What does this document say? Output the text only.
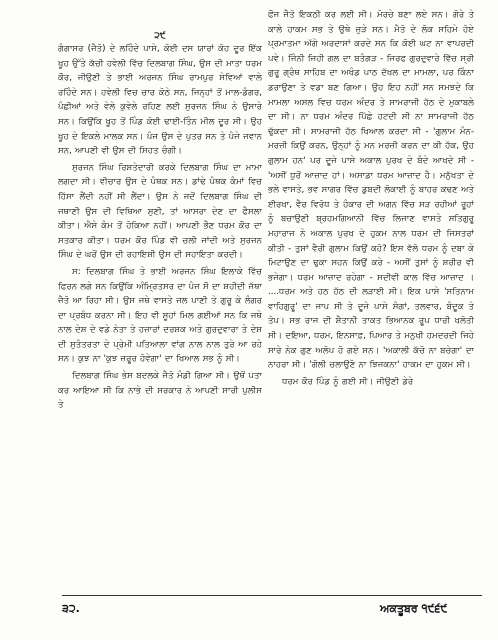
੨੯

ਗੰਗਾਸਰ (ਜੈਤੋ) ਦੇ ਲਹਿੰਦੇ ਪਾਸੇ, ਕੋਈ ਦਸ ਯਾਰਾਂ ਕੋਹ ਦੂਰ ਇੱਕ ਖੂਹ ਉੱਤੇ ਕੱਚੀ ਹਵੇਲੀ ਵਿੱਚ ਦਿਲਬਾਗ ਸਿੰਘ, ਉਸ ਦੀ ਮਾਤਾ ਧਰਮ ਕੌਰ, ਜੀਉਣੀ ਤੇ ਭਾਈ ਅਰਜਨ ਸਿੰਘ ਰਾਮਪੁਰ ਸੇਵਿਆਂ ਵਾਲੇ ਰਹਿੰਦੇ ਸਨ। ਹਵੇਲੀ ਵਿਚ ਚਾਰ ਕੋਠੇ ਸਨ, ਜਿਨ੍ਹਾਂ ਤੋਂ ਮਾਲ-ਡੰਗਰ, ਪੰਛੀਆਂ ਅਤੇ ਵੇਲੇ ਕੁਵੇਲੇ ਰਹਿਣ ਲਈ ਸੁਰਜਨ ਸਿੰਘ ਨੇ ਉਸਾਰੇ ਸਨ। ਕਿਉਂਕਿ ਖੂਹ ਤੋਂ ਪਿੰਡ ਕੋਈ ਢਾਈ-ਤਿੰਨ ਮੀਲ ਦੂਰ ਸੀ। ਉਹ ਖੂਹ ਦੇ ਇਕਲੇ ਮਾਲਕ ਸਨ। ਪੰਜ ਉਸ ਦੇ ਪੁਤਰ ਸਨ ਤੇ ਪੰਜੇ ਜਵਾਨ ਸਨ, ਆਪਣੀ ਵੀ ਉਸ ਦੀ ਸਿਹਤ ਚੰਗੀ।

ਸੁਰਜਨ ਸਿੰਘ ਰਿਸ਼ਤੇਦਾਰੀ ਕਰਕੇ ਦਿਲਬਾਗ ਸਿੰਘ ਦਾ ਮਾਮਾ ਲਗਦਾ ਸੀ। ਵੀਚਾਰ ਉਸ ਦੇ ਪੰਥਕ ਸਨ। ਡਾਂਢੇ ਪੰਥਕ ਕੰਮਾਂ ਵਿਚ ਹਿੱਸਾ ਲੈਂਦੀ ਨਹੀਂ ਸੀ ਲੈਂਦਾ। ਉਸ ਨੇ ਜਦੋਂ ਦਿਲਬਾਗ ਸਿੰਘ ਦੀ ਜਥਾਣੀ ਉਸ ਦੀ ਵਿਥਿਆ ਸੁਣੀ, ਤਾਂ ਆਸਰਾ ਦੇਣ ਦਾ ਫੈਸਲਾ ਕੀਤਾ। ਐਸੇ ਕੰਮ ਤੋਂ ਹੋਕਿਆ ਨਹੀਂ। ਆਪਣੀ ਭੈਣ ਧਰਮ ਕੌਰ ਦਾ ਸਤਕਾਰ ਕੀਤਾ। ਧਰਮ ਕੌਰ ਪਿੰਡ ਵੀ ਚਲੀ ਜਾਂਦੀ ਅਤੇ ਸੁਰਜਨ ਸਿੰਘ ਦੇ ਘਰੋਂ ਉਸ ਦੀ ਰਹਾਇਸ਼ੀ ਉਸ ਦੀ ਸਹਾਇਤਾ ਕਰਦੀ।

ਸ: ਦਿਲਬਾਗ ਸਿੰਘ ਤੇ ਭਾਈ ਅਰਜਨ ਸਿੰਘ ਇਲਾਕੇ ਵਿੱਚ ਫਿਰਨ ਲਗੇ ਸਨ ਕਿਉਂਕਿ ਅੰਮ੍ਰਿਤਸਰ ਦਾ ਪੰਜ ਸੌ ਦਾ ਸ਼ਹੀਦੀ ਜੱਥਾ ਜੈਤੋ ਆ ਰਿਹਾ ਸੀ। ਉਸ ਜਥੇ ਵਾਸਤੇ ਜਲ ਪਾਣੀ ਤੇ ਗੁਰੂ ਕੇ ਲੰਗਰ ਦਾ ਪ੍ਰਬੰਧ ਕਰਨਾ ਸੀ। ਇਹ ਵੀ ਸੂਹਾਂ ਮਿਲ ਗਈਆਂ ਸਨ ਕਿ ਜਥੇ ਨਾਲ ਦੇਸ਼ ਦੇ ਵਡੇ ਨੇਤਾ ਤੇ ਹਜ਼ਾਰਾਂ ਦਰਸ਼ਕ ਅਤੇ ਗੁਰਦੁਵਾਰਾ ਤੇ ਦੇਸ਼ ਦੀ ਸੁਤੰਤਰਤਾ ਦੇ ਪ੍ਰੇਮੀ ਪਤਿਆਲਾ ਵਾਂਗ ਨਾਲ ਨਾਲ ਤੁਰੇ ਆ ਰਹੇ ਸਨ। ਕੁਝ ਨਾ 'ਕੁਝ ਜ਼ਰੂਰ ਹੋਵੇਗਾ' ਦਾ ਖਿਆਲ ਸਭ ਨੂੰ ਸੀ।

ਦਿਲਬਾਗ ਸਿੰਘ ਭੇਸ ਬਦਲਕੇ ਜੈਤੋ ਮੰਡੀ ਗਿਆ ਸੀ। ਉਥੋਂ ਪਤਾ ਕਰ ਆਇਆ ਸੀ ਕਿ ਨਾਭੇ ਦੀ ਸਰਕਾਰ ਨੇ ਆਪਣੀ ਸਾਰੀ ਪੁਲੀਸ ਤੇ

ਫੌਜ ਜੈਤੋ ਇਕਠੀ ਕਰ ਲਈ ਸੀ। ਮੋਰਚੇ ਬਣਾ ਲਏ ਸਨ। ਗੋਰੇ ਤੇ ਕਾਲੇ ਹਾਕਮ ਸਭ ਤੇ ਉਥੇ ਜੁੜੇ ਸਨ। ਮੈਤੋ ਦੇ ਲੋਕ ਸਹਿਮੇ ਹੋਏ ਪ੍ਰਮਾਤਮਾ ਅੱਗੇ ਅਰਦਾਸਾਂ ਕਰਦੇ ਸਨ ਕਿ ਕੋਈ ਘਟ ਨਾ ਵਾਪਰਦੀ ਪਵੇ। ਜਿੰਨੀ ਜਿਹੀ ਗਲ ਦਾ ਬਤੰਗੜ - ਜਿਰਫ ਗੁਰਦੁਵਾਰੇ ਵਿੱਚ ਸ੍ਰੀ ਗੁਰੂ ਗ੍ਰੰਥ ਸਾਹਿਬ ਦਾ ਅਖੰਡ ਪਾਠ ਦੱਖਲ ਦਾ ਮਾਮਲਾ, ਪਰ ਕਿੰਨਾ ਡਰਾਉਣਾ ਤੇ ਵਡਾ ਬਣ ਗਿਆ। ਉਹ ਇਹ ਨਹੀਂ ਸਨ ਸਮਝਦੇ ਕਿ ਮਾਮਲਾ ਅਸਲ ਵਿਚ ਧਰਮ ਅੰਦਰ ਤੇ ਸਾਮਰਾਜੀ ਹੱਠ ਦੇ ਮੁਕਾਬਲੇ ਦਾ ਸੀ। ਨਾ ਧਰਮ ਅੰਦਰ ਪਿੱਛੇ ਹਟਦੀ ਸੀ ਨਾ ਸਾਮਰਾਜੀ ਹੱਠ ਢੁੱਕਦਾ ਸੀ। ਸਾਮਰਾਜੀ ਹੱਠ ਖਿਆਲ ਕਰਦਾ ਸੀ - 'ਗੁਲਾਮ ਮੰਨ-ਮਰਜ਼ੀ ਕਿਉਂ ਕਰਨ, ਉਨ੍ਹਾਂ ਨੂੰ ਮਨ ਮਰਜ਼ੀ ਕਰਨ ਦਾ ਕੀ ਹੱਕ, ਉਹ ਗੁਲਾਮ ਹਨ' ਪਰ ਦੂਜੇ ਪਾਸੇ ਅਕਾਲ ਪੁਰਖ ਦੇ ਬੰਦੇ ਆਖਦੇ ਸੀ - 'ਅਸੀਂ ਧੁਰੋਂ ਆਜ਼ਾਦ ਹਾਂ। ਅਸਾਡਾ ਧਰਮ ਆਜ਼ਾਦ ਹੈ। ਮਨੁੱਖਤਾ ਦੇ ਭਲੇ ਵਾਸਤੇ, ਭਵ ਸਾਗਰ ਵਿੱਚ ਡੁਬਦੀ ਲੋਕਾਈ ਨੂੰ ਬਾਹਰ ਕਢਣ ਅਤੇ ਈਰਖਾ, ਵੈਰ ਵਿਰੋਧ ਤੇ ਹੰਕਾਰ ਦੀ ਅਗਨ ਵਿੱਚ ਸੜ ਰਹੀਆਂ ਰੂਹਾਂ ਨੂੰ ਬਚਾਉਣੀ ਬ੍ਰਹਮਗਿਆਨੀ ਵਿੱਚ ਲਿਜਾਣ ਵਾਸਤੇ ਸਤਿਗੁਰੂ ਮਹਾਰਾਜ ਨੇ ਅਕਾਲ ਪੁਰਖ ਦੇ ਹੁਕਮ ਨਾਲ ਧਰਮ ਦੀ ਜਿਸਤਰਾਂ ਕੀਤੀ - ਤੁਸਾਂ ਵੈਰੀ ਗੁਲਾਮ ਕਿਉਂ ਕਹੋ? ਇਸ ਵੱਲੋ ਧਰਮ ਨੂੰ ਦਬਾ ਕੇ ਮਿਟਾਉਣ ਦਾ ਢੁਕਾ ਸਹਨ ਕਿਉਂ ਕਰੇ - ਅਸੀਂ ਤੁਸਾਂ ਨੂੰ ਸ਼ਰੀਰ ਵੀ ਭਜੇਗਾ। ਧਰਮ ਆਜ਼ਾਦ ਰਹੇਗਾ - ਸਦੀਵੀ ਕਾਲ ਵਿੱਚ ਆਜ਼ਾਦ । ....ਧਰਮ ਅਤੇ ਹਠ ਹੱਠ ਦੀ ਲੜਾਈ ਸੀ। ਇਕ ਪਾਸੇ 'ਸਤਿਨਾਮ ਵਾਹਿਗੁਰੂ' ਦਾ ਜਾਪ ਸੀ ਤੇ ਦੂਜੇ ਪਾਸੇ ਸੰਗਾਂ, ਤਲਵਾਰ, ਬੰਦੂਕ ਤੇ ਤੋਪ। ਸਭ ਰਾਜ ਦੀ ਸ਼ੈਤਾਨੀ ਤਾਕਤ ਭਿਆਨਕ ਰੂਪ ਧਾਰੀ ਖਲੋਤੀ ਸੀ। ਦਇਆ, ਧਰਮ, ਇਨਸਾਫ਼, ਪਿਆਰ ਤੇ ਮਨੁਖੀ ਹਮਦਰਦੀ ਜਿਹੇ ਸਾਰੇ ਨੇਕ ਗੁਣ ਅਲੋਪ ਹੋ ਗਏ ਸਨ। 'ਅਕਾਲੀ ਕੱਚੋ ਨਾ ਬਚੇਗਾ' ਦਾ ਨਾਹਰਾ ਸੀ। 'ਗੋਲੀ ਚਲਾਉਣੋ ਨਾ ਝਿਜਕਨਾ' ਹਾਕਮ ਦਾ ਹੁਕਮ ਸੀ।

ਧਰਮ ਕੌਰ ਪਿੰਡ ਨੂੰ ਗਈ ਸੀ। ਜੀਉਣੀ ਡੇਰੇ

੩੨.	ਅਕਤੂਬਰ ੧੯੬੯
